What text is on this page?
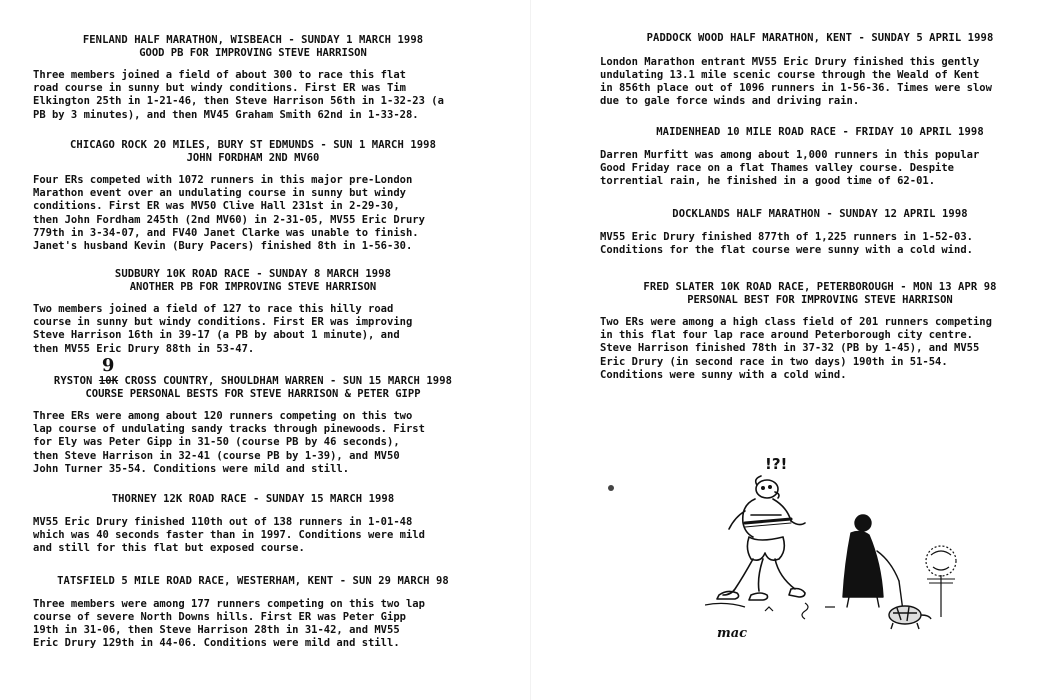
FENLAND HALF MARATHON, WISBEACH - SUNDAY 1 MARCH 1998

GOOD PB FOR IMPROVING STEVE HARRISON

Three members joined a field of about 300 to race this flat
road course in sunny but windy conditions. First ER was Tim
Elkington 25th in 1-21-46, then Steve Harrison 56th in 1-32-23 (a
PB by 3 minutes), and then MV45 Graham Smith 62nd in 1-33-28.

CHICAGO ROCK 20 MILES, BURY ST EDMUNDS - SUN 1 MARCH 1998

JOHN FORDHAM 2ND MV60

Four ERs competed with 1072 runners in this major pre-London
Marathon event over an undulating course in sunny but windy
conditions. First ER was MV50 Clive Hall 231st in 2-29-30,
then John Fordham 245th (2nd MV60) in 2-31-05, MV55 Eric Drury
779th in 3-34-07, and FV40 Janet Clarke was unable to finish.
Janet's husband Kevin (Bury Pacers) finished 8th in 1-56-30.

SUDBURY 10K ROAD RACE - SUNDAY 8 MARCH 1998

ANOTHER PB FOR IMPROVING STEVE HARRISON

Two members joined a field of 127 to race this hilly road
course in sunny but windy conditions. First ER was improving
Steve Harrison 16th in 39-17 (a PB by about 1 minute), and
then MV55 Eric Drury 88th in 53-47.

RYSTON
9
10K CROSS COUNTRY, SHOULDHAM WARREN - SUN 15 MARCH 1998

COURSE PERSONAL BESTS FOR STEVE HARRISON & PETER GIPP

Three ERs were among about 120 runners competing on this two
lap course of undulating sandy tracks through pinewoods. First
for Ely was Peter Gipp in 31-50 (course PB by 46 seconds),
then Steve Harrison in 32-41 (course PB by 1-39), and MV50
John Turner 35-54. Conditions were mild and still.

THORNEY 12K ROAD RACE - SUNDAY 15 MARCH 1998

MV55 Eric Drury finished 110th out of 138 runners in 1-01-48
which was 40 seconds faster than in 1997. Conditions were mild
and still for this flat but exposed course.

TATSFIELD 5 MILE ROAD RACE, WESTERHAM, KENT - SUN 29 MARCH 98

Three members were among 177 runners competing on this two lap
course of severe North Downs hills. First ER was Peter Gipp
19th in 31-06, then Steve Harrison 28th in 31-42, and MV55
Eric Drury 129th in 44-06. Conditions were mild and still.

PADDOCK WOOD HALF MARATHON, KENT - SUNDAY 5 APRIL 1998

London Marathon entrant MV55 Eric Drury finished this gently
undulating 13.1 mile scenic course through the Weald of Kent
in 856th place out of 1096 runners in 1-56-36. Times were slow
due to gale force winds and driving rain.

MAIDENHEAD 10 MILE ROAD RACE - FRIDAY 10 APRIL 1998

Darren Murfitt was among about 1,000 runners in this popular
Good Friday race on a flat Thames valley course. Despite
torrential rain, he finished in a good time of 62-01.

DOCKLANDS HALF MARATHON - SUNDAY 12 APRIL 1998

MV55 Eric Drury finished 877th of 1,225 runners in 1-52-03.
Conditions for the flat course were sunny with a cold wind.

FRED SLATER 10K ROAD RACE, PETERBOROUGH - MON 13 APR 98

PERSONAL BEST FOR IMPROVING STEVE HARRISON

Two ERs were among a high class field of 201 runners competing
in this flat four lap race around Peterborough city centre.
Steve Harrison finished 78th in 37-32 (PB by 1-45), and MV55
Eric Drury (in second race in two days) 190th in 51-54.
Conditions were sunny with a cold wind.

!?!
mac
